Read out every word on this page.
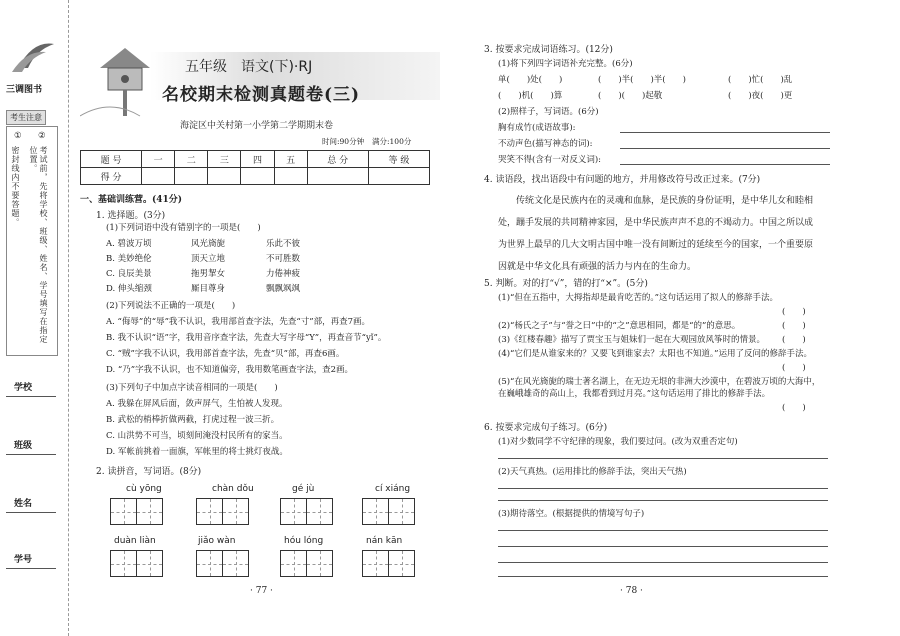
三调图书
考生注意
②
考试前，先将学校、班级、姓名、学号填写在指定位置。
①
密封线内不要答题。
学校
班级
姓名
学号
五年级　语文(下)·RJ
名校期末检测真题卷(三)
海淀区中关村第一小学第二学期期末卷
时间:90分钟 满分:100分
题 号	一	二	三	四	五	总 分	等 级
得 分							
一、基础训练营。(41分)
1. 选择题。(3分)
(1)下列词语中没有错别字的一项是(　　)
A. 碧波万顷	风光旖旎	乐此不彼
B. 美妙绝伦	顶天立地	不可胜数
C. 良辰美景	拖男挈女	力倦神疲
D. 伸头缩颈	厮目尊身	飘飘飒飒
(2)下列说法不正确的一项是(　　)
A. “侮辱”的“辱”我不认识，我用部首查字法，先查“寸”部，再查7画。
B. 我不认识“语”字，我用音序查字法，先查大写字母“Y”，再查音节“yǐ”。
C. “贼”字我不认识，我用部首查字法，先查“贝”部，再查6画。
D. “乃”字我不认识，也不知道偏旁，我用数笔画查字法，查2画。
(3)下列句子中加点字读音相同的一项是(　　)
A. 我躲在屏风后面，敛声屏气，生怕被人发现。
B. 武松的梢棒折做两截，打虎过程一波三折。
C. 山洪势不可当，顷刻间淹没村民所有的家当。
D. 军帐前挑着一面旗，军帐里的将士挑灯夜战。
2. 读拼音，写词语。(8分)
cù yōng	chàn dǒu	gé jù	cí xiáng
duàn liàn	jiǎo wàn	hóu lóng	nán kān
· 77 ·
3. 按要求完成词语练习。(12分)
(1)将下列四字词语补充完整。(6分)
单(　　)处(　　)	(　　)半(　　)半(　　)	(　　)忙(　　)乱
(　　)机(　　)算	(　　)(　　)起敬	(　　)夜(　　)更
(2)照样子，写词语。(6分)
胸有成竹(成语故事):
不动声色(描写神态的词):
哭笑不得(含有一对反义词):
4. 读语段，找出语段中有问题的地方，并用修改符号改正过来。(7分)
传统文化是民族内在的灵魂和血脉，是民族的身份证明，是中华儿女和睦相处，蹦手发展的共同精神家园，是中华民族声声不息的不竭动力。中国之所以成为世界上最早的几大文明古国中唯一没有间断过的延续至今的国家，一个重要原因就是中华文化具有顽强的活力与内在的生命力。
5. 判断。对的打“√”，错的打“×”。(5分)
(1)“但在五指中，大拇指却是最肯吃苦的。”这句话运用了拟人的修辞手法。
(　　)
(2)“杨氏之子”与“誉之曰”中的“之”意思相同，都是“的”的意思。	(　　)
(3)《红楼春趣》描写了贾宝玉与姐妹们一起在大观园放风筝时的情景。	(　　)
(4)“它们是从谁家来的？又要飞到谁家去？太阳也不知道。”运用了反问的修辞手法。
(　　)
(5)“在风光旖旎的瑞士著名湖上，在无边无垠的非洲大沙漠中，在碧波万顷的大海中，在巍峨雄奇的高山上，我都看到过月亮。”这句话运用了排比的修辞手法。
(　　)
6. 按要求完成句子练习。(6分)
(1)对少数同学不守纪律的现象，我们要过问。(改为双重否定句)
(2)天气真热。(运用排比的修辞手法，突出天气热)
(3)期待落空。(根据提供的情境写句子)
· 78 ·
